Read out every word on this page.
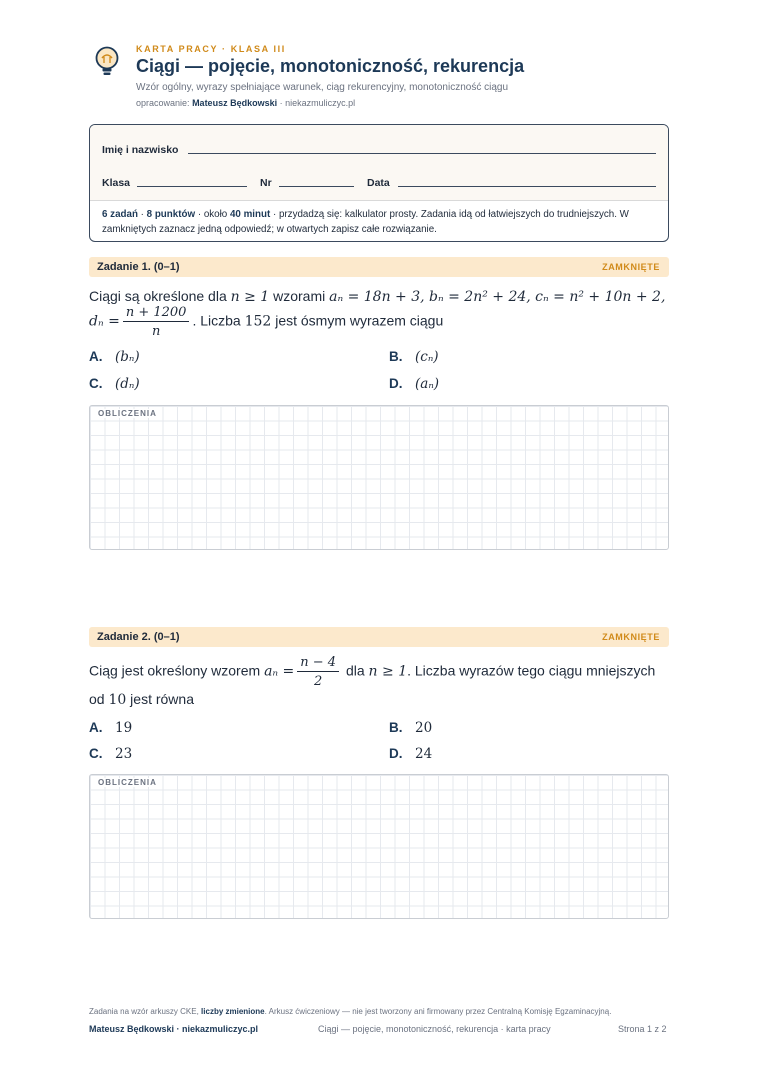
KARTA PRACY · KLASA III
Ciągi — pojęcie, monotoniczność, rekurencja
Wzór ogólny, wyrazy spełniające warunek, ciąg rekurencyjny, monotoniczność ciągu
opracowanie: Mateusz Będkowski · niekazmuliczyc.pl
Imię i nazwisko
Klasa	Nr	Data
6 zadań · 8 punktów · około 40 minut · przydadzą się: kalkulator prosty. Zadania idą od łatwiejszych do trudniejszych. W zamkniętych zaznacz jedną odpowiedź; w otwartych zapisz całe rozwiązanie.
Zadanie 1. (0–1)	ZAMKNIĘTE
Ciągi są określone dla n ≥ 1 wzorami aₙ = 18n + 3, bₙ = 2n² + 24, cₙ = n² + 10n + 2,
$d_n = \frac{n + 1200}{n}$ . Liczba 152 jest ósmym wyrazem ciągu
A. (bₙ)	B. (cₙ)
C. (dₙ)	D. (aₙ)
OBLICZENIA
Zadanie 2. (0–1)	ZAMKNIĘTE
Ciąg jest określony wzorem $a_n = \frac{n - 4}{2}$ dla n ≥ 1. Liczba wyrazów tego ciągu mniejszych
od 10 jest równa
A. 19	B. 20
C. 23	D. 24
OBLICZENIA
Zadania na wzór arkuszy CKE, liczby zmienione. Arkusz ćwiczeniowy — nie jest tworzony ani firmowany przez Centralną Komisję Egzaminacyjną.
Mateusz Będkowski · niekazmuliczyc.pl	Ciągi — pojęcie, monotoniczność, rekurencja · karta pracy	Strona 1 z 2
